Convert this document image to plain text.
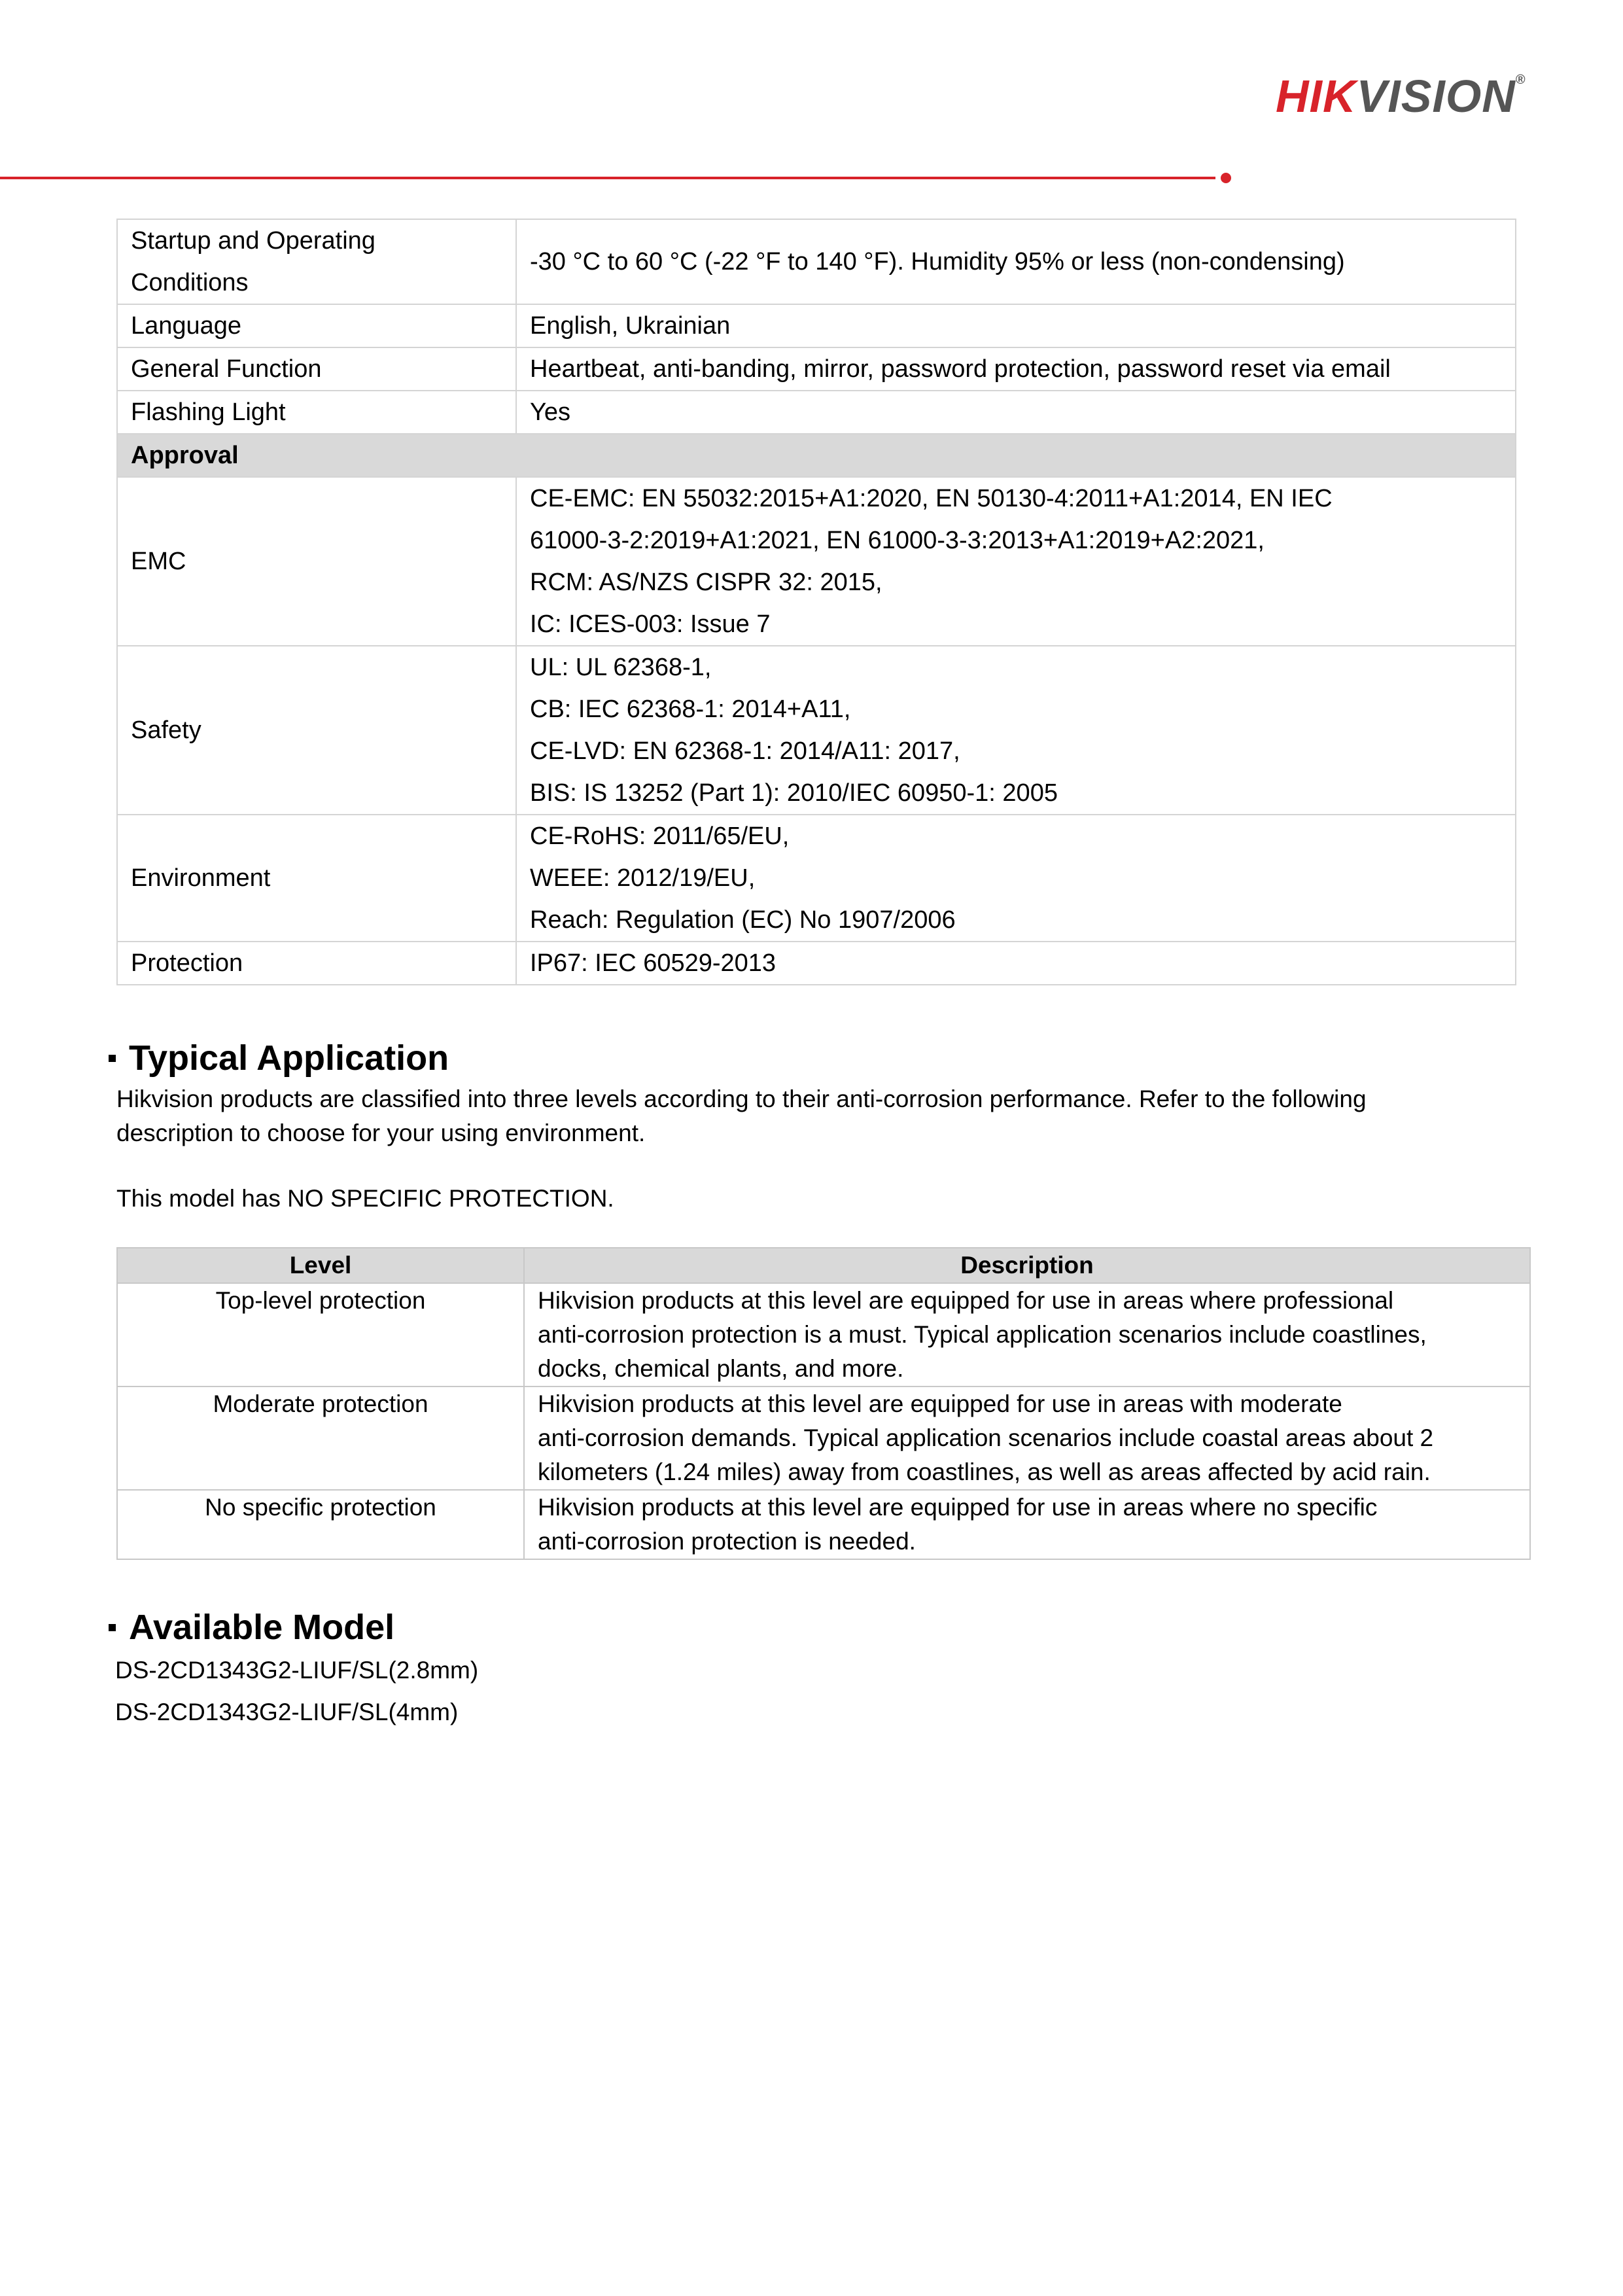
HIKVISION®
Startup and Operating
Conditions	-30 °C to 60 °C (-22 °F to 140 °F). Humidity 95% or less (non-condensing)
Language	English, Ukrainian
General Function	Heartbeat, anti-banding, mirror, password protection, password reset via email
Flashing Light	Yes
Approval	
EMC	CE-EMC: EN 55032:2015+A1:2020, EN 50130-4:2011+A1:2014, EN IEC
61000-3-2:2019+A1:2021, EN 61000-3-3:2013+A1:2019+A2:2021,
RCM: AS/NZS CISPR 32: 2015,
IC: ICES-003: Issue 7

Safety	UL: UL 62368-1,
CB: IEC 62368-1: 2014+A11,
CE-LVD: EN 62368-1: 2014/A11: 2017,
BIS: IS 13252 (Part 1): 2010/IEC 60950-1: 2005

Environment	CE-RoHS: 2011/65/EU,
WEEE: 2012/19/EU,
Reach: Regulation (EC) No 1907/2006

Protection	IP67: IEC 60529-2013
Typical Application
Hikvision products are classified into three levels according to their anti-corrosion performance. Refer to the following
description to choose for your using environment.
This model has NO SPECIFIC PROTECTION.
Level	Description
Top-level protection	Hikvision products at this level are equipped for use in areas where professional
anti-corrosion protection is a must. Typical application scenarios include coastlines,
docks, chemical plants, and more.

Moderate protection	Hikvision products at this level are equipped for use in areas with moderate
anti-corrosion demands. Typical application scenarios include coastal areas about 2
kilometers (1.24 miles) away from coastlines, as well as areas affected by acid rain.

No specific protection	Hikvision products at this level are equipped for use in areas where no specific
anti-corrosion protection is needed.
Available Model
DS-2CD1343G2-LIUF/SL(2.8mm)
DS-2CD1343G2-LIUF/SL(4mm)
